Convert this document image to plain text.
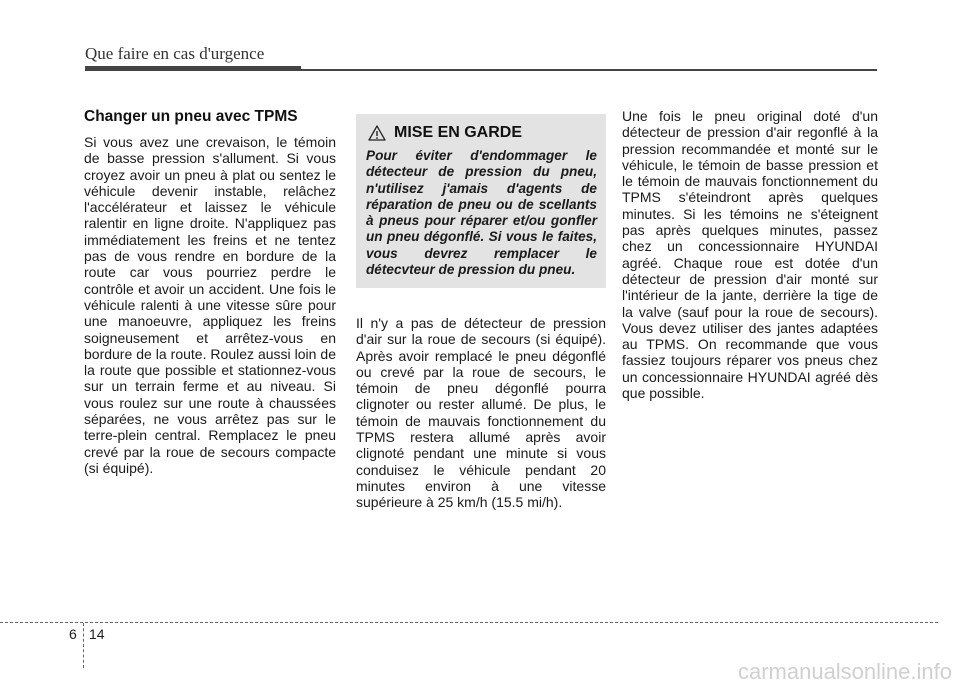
Que faire en cas d'urgence
Changer un pneu avec TPMS

Si vous avez une crevaison, le témoin de basse pression s'allument. Si vous croyez avoir un pneu à plat ou sentez le véhicule devenir instable, relâchez l'accélérateur et laissez le véhicule ralentir en ligne droite. N'appliquez pas immédiatement les freins et ne tentez pas de vous rendre en bordure de la route car vous pourriez perdre le contrôle et avoir un accident. Une fois le véhicule ralenti à une vitesse sûre pour une manoeuvre, appliquez les freins soigneusement et arrêtez-vous en bordure de la route. Roulez aussi loin de la route que possible et stationnez-vous sur un terrain ferme et au niveau. Si vous roulez sur une route à chaussées séparées, ne vous arrêtez pas sur le terre-plein central. Remplacez le pneu crevé par la roue de secours compacte (si équipé).

MISE EN GARDE

Pour éviter d'endommager le détecteur de pression du pneu, n'utilisez j'amais d'agents de réparation de pneu ou de scellants à pneus pour réparer et/ou gonfler un pneu dégonflé. Si vous le faites, vous devrez remplacer le détecvteur de pression du pneu.

Il n'y a pas de détecteur de pression d'air sur la roue de secours (si équipé). Après avoir remplacé le pneu dégonflé ou crevé par la roue de secours, le témoin de pneu dégonflé pourra clignoter ou rester allumé. De plus, le témoin de mauvais fonctionnement du TPMS restera allumé après avoir clignoté pendant une minute si vous conduisez le véhicule pendant 20 minutes environ à une vitesse supérieure à 25 km/h (15.5 mi/h).

Une fois le pneu original doté d'un détecteur de pression d'air regonflé à la pression recommandée et monté sur le véhicule, le témoin de basse pression et le témoin de mauvais fonctionnement du TPMS s'éteindront après quelques minutes. Si les témoins ne s'éteignent pas après quelques minutes, passez chez un concessionnaire HYUNDAI agréé. Chaque roue est dotée d'un détecteur de pression d'air monté sur l'intérieur de la jante, derrière la tige de la valve (sauf pour la roue de secours). Vous devez utiliser des jantes adaptées au TPMS. On recommande que vous fassiez toujours réparer vos pneus chez un concessionnaire HYUNDAI agréé dès que possible.

6 14
carmanualsonline.info
